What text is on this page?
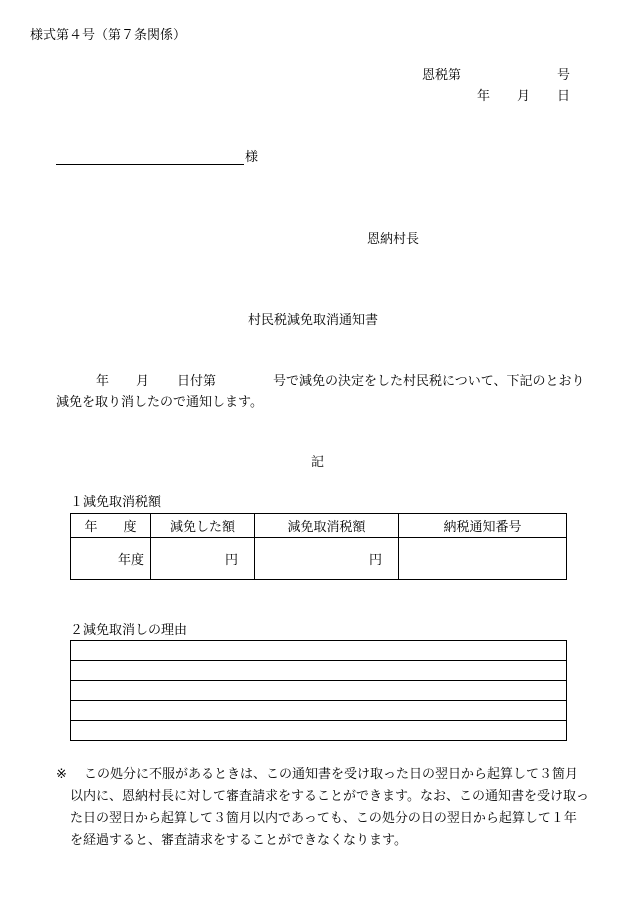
様式第４号（第７条関係）
恩税第	号
年 月 日
様
恩納村長
村民税減免取消通知書
年 月 日付第	号で減免の決定をした村民税について、下記のとおり
減免を取り消したので通知します。
記
１減免取消税額
年　　度	減免した額	減免取消税額	納税通知番号
年度	円	円	
２減免取消しの理由

※ この処分に不服があるときは、この通知書を受け取った日の翌日から起算して３箇月
以内に、恩納村長に対して審査請求をすることができます。なお、この通知書を受け取っ
た日の翌日から起算して３箇月以内であっても、この処分の日の翌日から起算して１年
を経過すると、審査請求をすることができなくなります。
